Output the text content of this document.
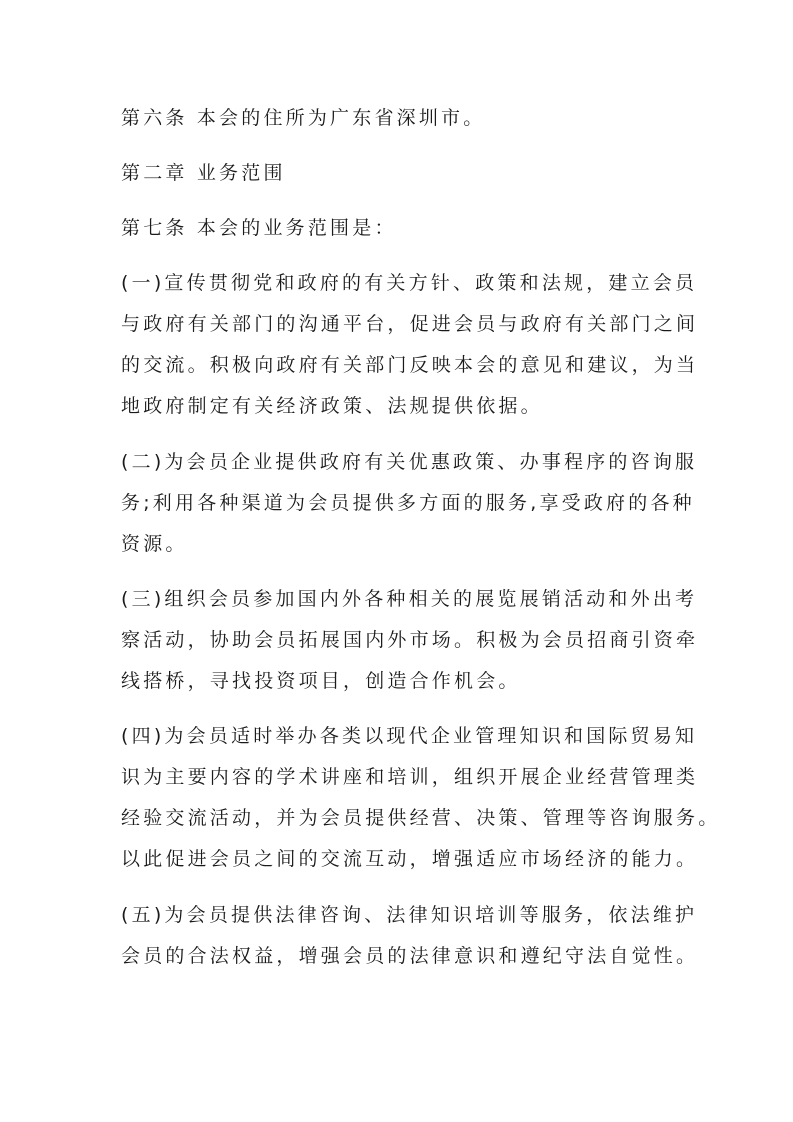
第六条 本会的住所为广东省深圳市。
第二章 业务范围
第七条 本会的业务范围是：
(一)宣传贯彻党和政府的有关方针、政策和法规，建立会员
与政府有关部门的沟通平台，促进会员与政府有关部门之间
的交流。积极向政府有关部门反映本会的意见和建议，为当
地政府制定有关经济政策、法规提供依据。
(二)为会员企业提供政府有关优惠政策、办事程序的咨询服
务;利用各种渠道为会员提供多方面的服务,享受政府的各种
资源。
(三)组织会员参加国内外各种相关的展览展销活动和外出考
察活动，协助会员拓展国内外市场。积极为会员招商引资牵
线搭桥，寻找投资项目，创造合作机会。
(四)为会员适时举办各类以现代企业管理知识和国际贸易知
识为主要内容的学术讲座和培训，组织开展企业经营管理类
经验交流活动，并为会员提供经营、决策、管理等咨询服务。
以此促进会员之间的交流互动，增强适应市场经济的能力。
(五)为会员提供法律咨询、法律知识培训等服务，依法维护
会员的合法权益，增强会员的法律意识和遵纪守法自觉性。
